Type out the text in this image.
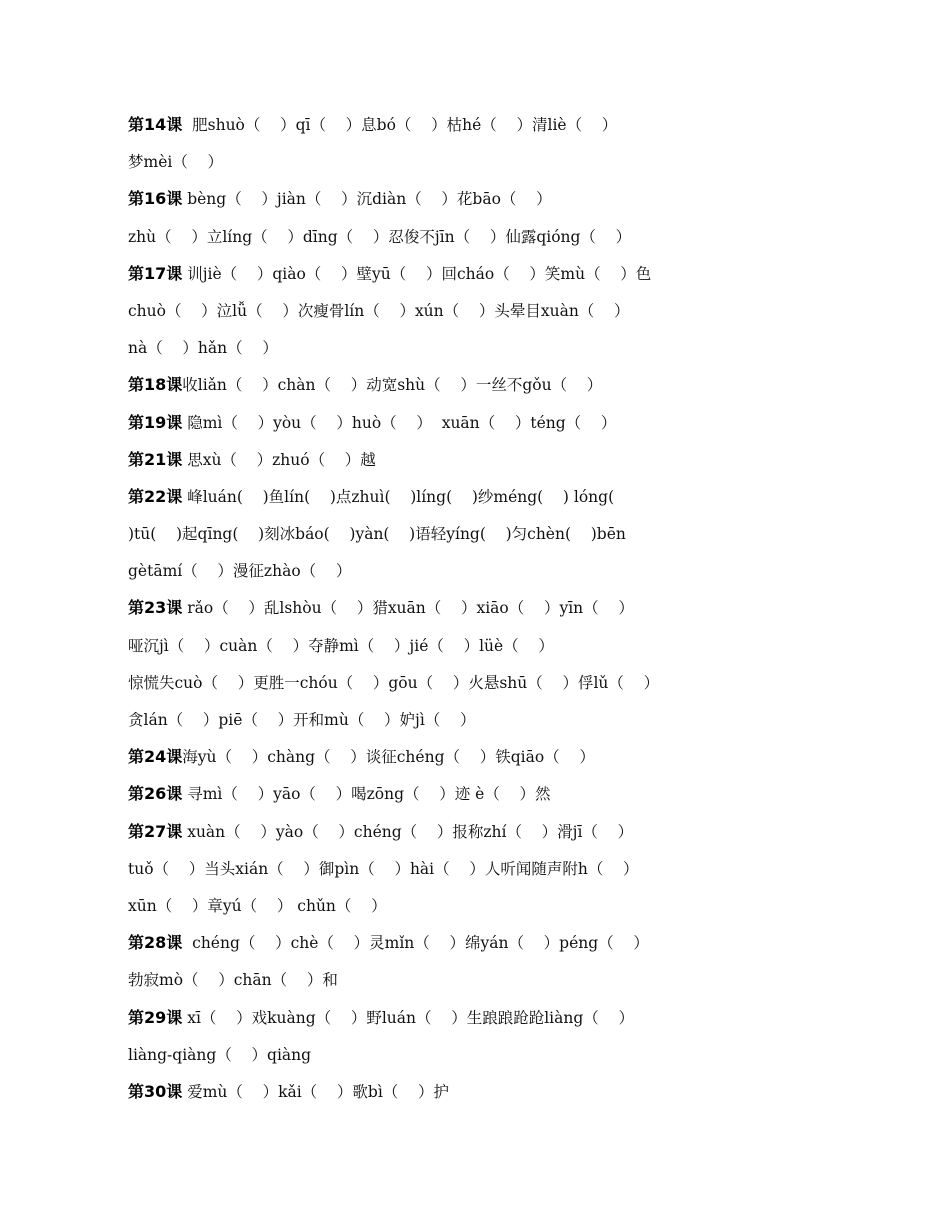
第14课  肥shuò（    ）qī（    ）息bó（    ）枯hé（    ）清liè（    ）
梦mèi（    ）
第16课 bèng（    ）jiàn（    ）沉diàn（    ）花bāo（    ）
zhù（    ）立líng（    ）dīng（    ）忍俊不jīn（    ）仙露qióng（    ）
第17课 训jiè（    ）qiào（    ）壁yū（    ）回cháo（    ）笑mù（    ）色
chuò（    ）泣lǚ（    ）次瘦骨lín（    ）xún（    ）头晕目xuàn（    ）
nà（    ）hǎn（    ）
第18课收liǎn（    ）chàn（    ）动宽shù（    ）一丝不gǒu（    ）
第19课 隐mì（    ）yòu（    ）huò（    ）  xuān（    ）téng（    ）
第21课 思xù（    ）zhuó（    ）越
第22课 峰luán(    )鱼lín(    )点zhuì(    )líng(    )纱méng(    ) lóng(
)tū(    )起qīng(    )刻冰báo(    )yàn(    )语轻yíng(    )匀chèn(    )bēn
gètāmí（    ）漫征zhào（    ）
第23课 rǎo（    ）乱lshòu（    ）猎xuān（    ）xiāo（    ）yīn（    ）
哑沉jì（    ）cuàn（    ）夺静mì（    ）jié（    ）lüè（    ）
惊慌失cuò（    ）更胜一chóu（    ）gōu（    ）火悬shū（    ）俘lǔ（    ）
贪lán（    ）piē（    ）开和mù（    ）妒jì（    ）
第24课海yù（    ）chàng（    ）谈征chéng（    ）铁qiāo（    ）
第26课 寻mì（    ）yāo（    ）喝zōng（    ）迹 è（    ）然
第27课 xuàn（    ）yào（    ）chéng（    ）报称zhí（    ）滑jī（    ）
tuǒ（    ）当头xián（    ）御pìn（    ）hài（    ）人听闻随声附h（    ）
xūn（    ）章yú（    ） chǔn（    ）
第28课  chéng（    ）chè（    ）灵mǐn（    ）绵yán（    ）péng（    ）
勃寂mò（    ）chān（    ）和
第29课 xī（    ）戏kuàng（    ）野luán（    ）生踉踉跄跄liàng（    ）
liàng-qiàng（    ）qiàng
第30课 爱mù（    ）kǎi（    ）歌bì（    ）护
